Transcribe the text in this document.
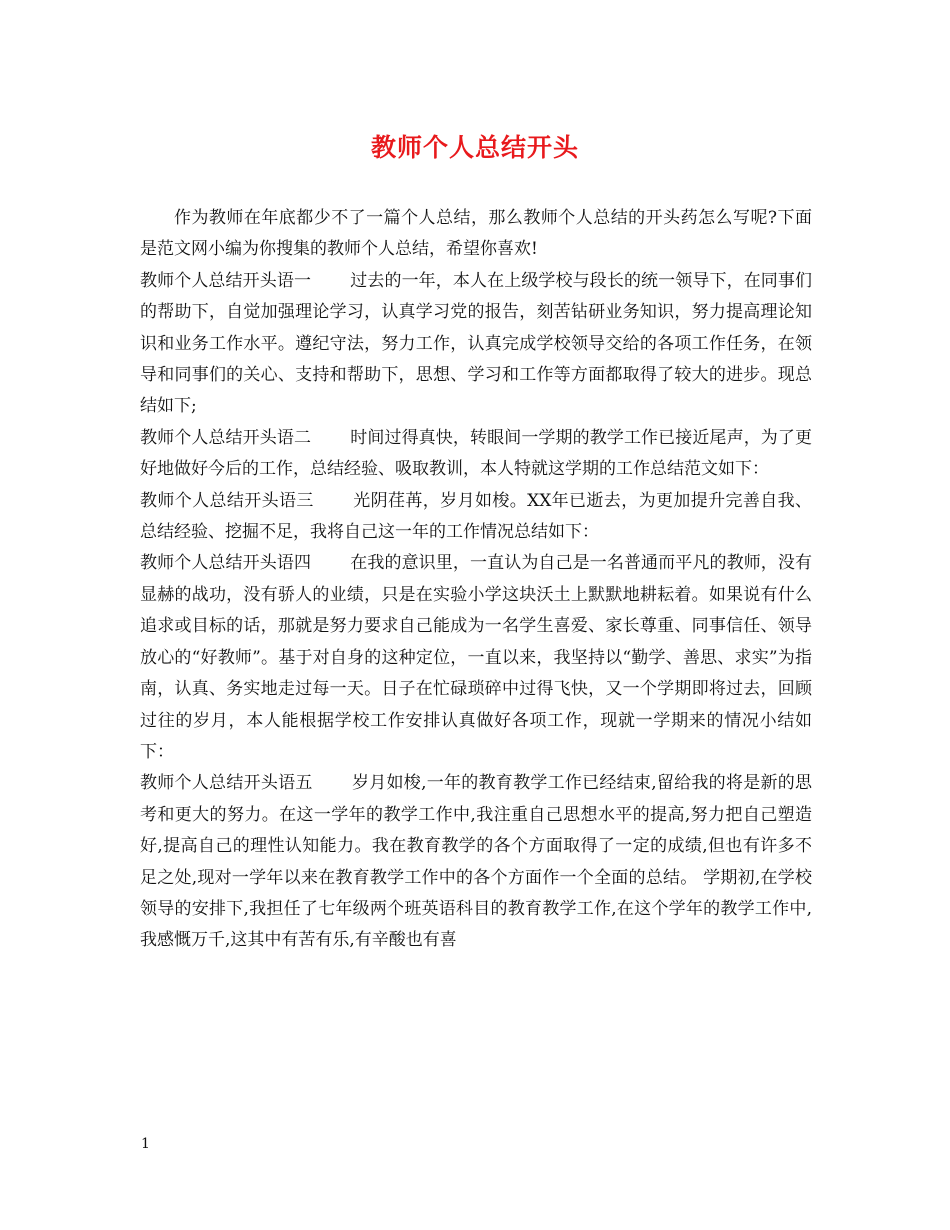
教师个人总结开头

作为教师在年底都少不了一篇个人总结，那么教师个人总结的开头药怎么写呢?下面是范文网小编为你搜集的教师个人总结，希望你喜欢!

教师个人总结开头语一 过去的一年，本人在上级学校与段长的统一领导下，在同事们的帮助下，自觉加强理论学习，认真学习党的报告，刻苦钻研业务知识，努力提高理论知识和业务工作水平。遵纪守法，努力工作，认真完成学校领导交给的各项工作任务，在领导和同事们的关心、支持和帮助下，思想、学习和工作等方面都取得了较大的进步。现总结如下;

教师个人总结开头语二 时间过得真快，转眼间一学期的教学工作已接近尾声，为了更好地做好今后的工作，总结经验、吸取教训，本人特就这学期的工作总结范文如下：

教师个人总结开头语三 光阴荏苒，岁月如梭。XX年已逝去，为更加提升完善自我、总结经验、挖掘不足，我将自己这一年的工作情况总结如下：

教师个人总结开头语四 在我的意识里，一直认为自己是一名普通而平凡的教师，没有显赫的战功，没有骄人的业绩，只是在实验小学这块沃土上默默地耕耘着。如果说有什么追求或目标的话，那就是努力要求自己能成为一名学生喜爱、家长尊重、同事信任、领导放心的“好教师”。基于对自身的这种定位，一直以来，我坚持以“勤学、善思、求实”为指南，认真、务实地走过每一天。日子在忙碌琐碎中过得飞快，又一个学期即将过去，回顾过往的岁月，本人能根据学校工作安排认真做好各项工作，现就一学期来的情况小结如下：

教师个人总结开头语五 岁月如梭,一年的教育教学工作已经结束,留给我的将是新的思考和更大的努力。在这一学年的教学工作中,我注重自己思想水平的提高,努力把自己塑造好,提高自己的理性认知能力。我在教育教学的各个方面取得了一定的成绩,但也有许多不足之处,现对一学年以来在教育教学工作中的各个方面作一个全面的总结。 学期初,在学校领导的安排下,我担任了七年级两个班英语科目的教育教学工作,在这个学年的教学工作中,我感慨万千,这其中有苦有乐,有辛酸也有喜

1
